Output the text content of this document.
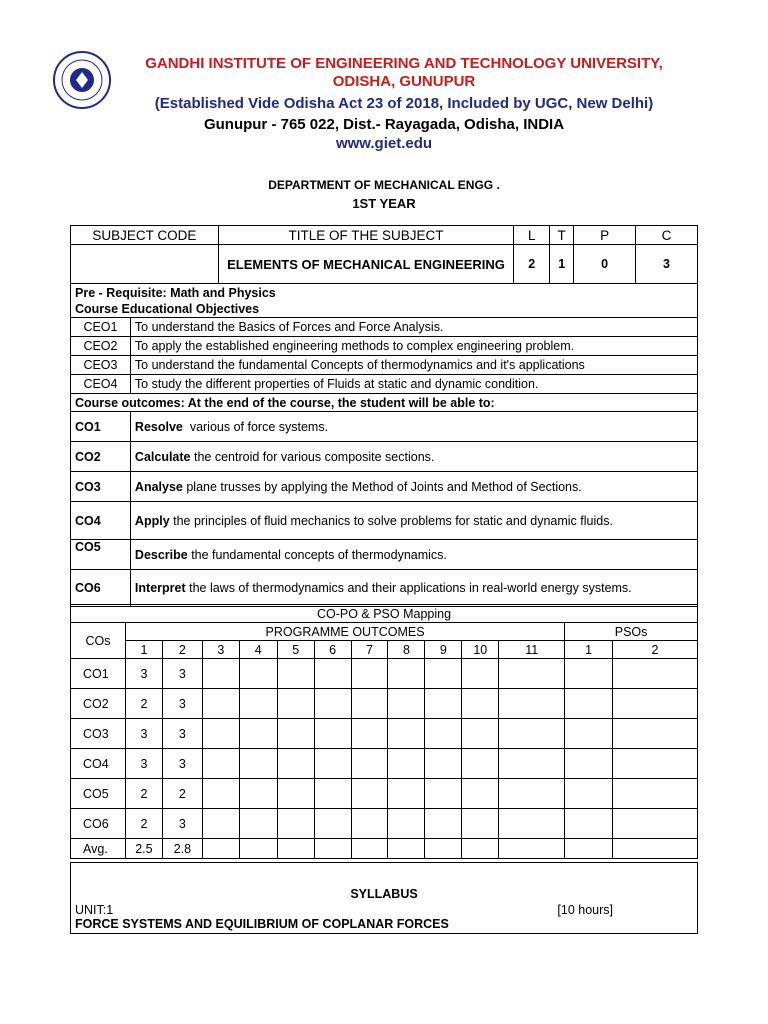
GANDHI INSTITUTE OF ENGINEERING AND TECHNOLOGY UNIVERSITY,
ODISHA, GUNUPUR
(Established Vide Odisha Act 23 of 2018, Included by UGC, New Delhi)
Gunupur - 765 022, Dist.- Rayagada, Odisha, INDIA
www.giet.edu
DEPARTMENT OF MECHANICAL ENGG .
1ST YEAR
SUBJECT CODE		TITLE OF THE SUBJECT	L	T	P	C
		ELEMENTS OF MECHANICAL ENGINEERING	2	1	0	3

Pre - Requisite: Math and Physics
Course Educational Objectives						

CEO1	To understand the Basics of Forces and Force Analysis.					
CEO2	To apply the established engineering methods to complex engineering problem.					
CEO3	To understand the fundamental Concepts of thermodynamics and it's applications					
CEO4	To study the different properties of Fluids at static and dynamic condition.					
Course outcomes: At the end of the course, the student will be able to:						
CO1	Resolve  various of force systems.					
CO2	Calculate the centroid for various composite sections.					
CO3	Analyse plane trusses by applying the Method of Joints and Method of Sections.					
CO4	Apply the principles of fluid mechanics to solve problems for static and dynamic fluids.					
CO5	Describe the fundamental concepts of thermodynamics.					
CO6	Interpret the laws of thermodynamics and their applications in real-world energy systems.					
CO-PO & PSO Mapping													
COs	PROGRAMME OUTCOMES											PSOs	
	1	2	3	4	5	6	7	8	9	10	11	1	2
CO1	3	3											
CO2	2	3											
CO3	3	3											
CO4	3	3											
CO5	2	2											
CO6	2	3											
Avg.	2.5	2.8											
SYLLABUS
UNIT:1	[10 hours]
FORCE SYSTEMS AND EQUILIBRIUM OF COPLANAR FORCES
